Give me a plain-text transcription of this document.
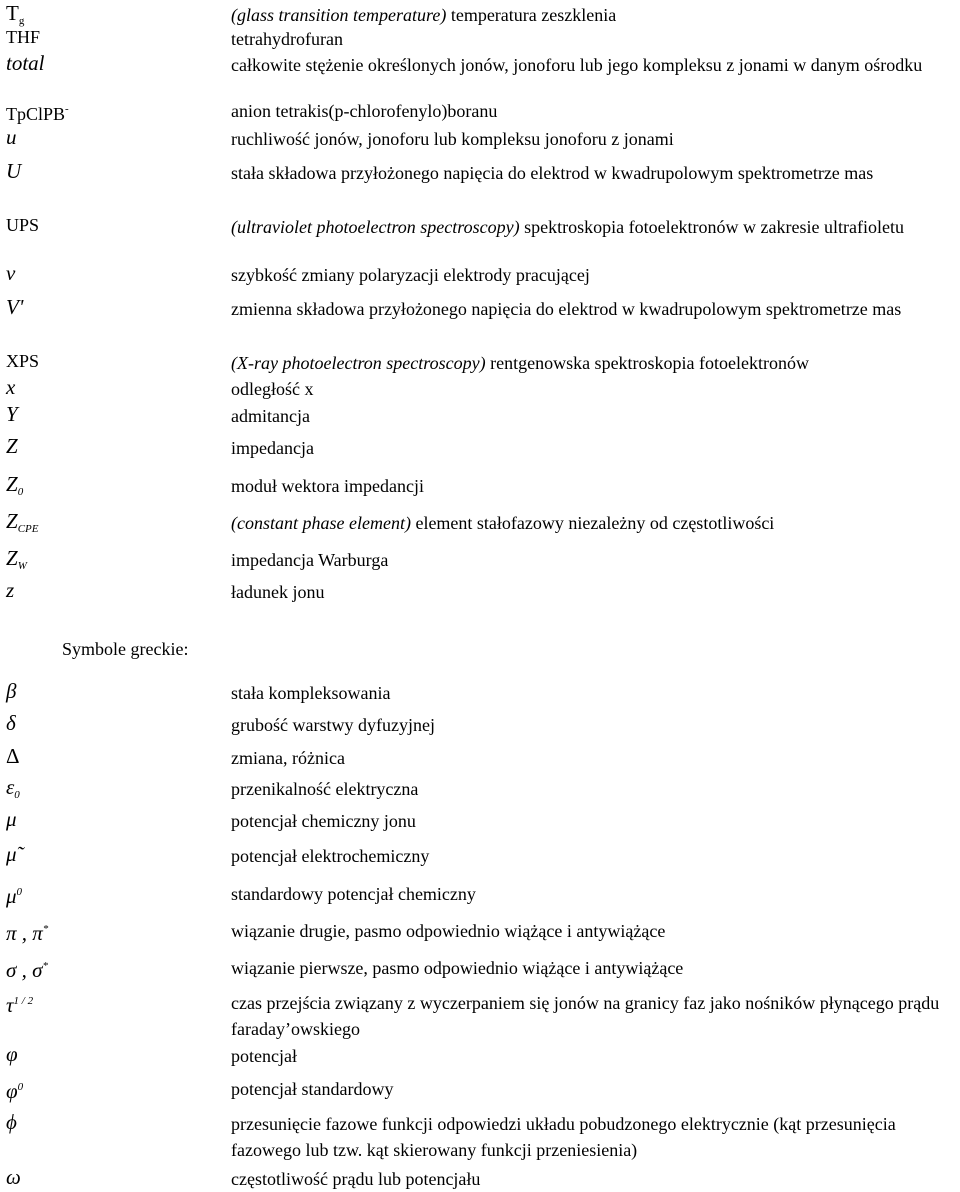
$T_g$	(glass transition temperature) temperatura zeszklenia
THF	tetrahydrofuran
total	całkowite stężenie określonych jonów, jonoforu lub jego kompleksu z jonami w danym ośrodku
TpClPB-	anion tetrakis(p-chlorofenylo)boranu
u	ruchliwość jonów, jonoforu lub kompleksu jonoforu z jonami
U	stała składowa przyłożonego napięcia do elektrod w kwadrupolowym spektrometrze mas
UPS	(ultraviolet photoelectron spectroscopy) spektroskopia fotoelektronów w zakresie ultrafioletu
v	szybkość zmiany polaryzacji elektrody pracującej
V'	zmienna składowa przyłożonego napięcia do elektrod w kwadrupolowym spektrometrze mas
XPS	(X-ray photoelectron spectroscopy) rentgenowska spektroskopia fotoelektronów
x	odległość x
Y	admitancja
Z	impedancja
$Z_0$	moduł wektora impedancji
$Z_{CPE}$	(constant phase element) element stałofazowy niezależny od częstotliwości
$Z_W$	impedancja Warburga
z	ładunek jonu
Symbole greckie:
β	stała kompleksowania
δ	grubość warstwy dyfuzyjnej
Δ	zmiana, różnica
$\varepsilon_0$	przenikalność elektryczna
μ	potencjał chemiczny jonu
μ̃	potencjał elektrochemiczny
$\mu^0$	standardowy potencjał chemiczny
π , π*	wiązanie drugie, pasmo odpowiednio wiążące i antywiążące
σ , σ*	wiązanie pierwsze, pasmo odpowiednio wiążące i antywiążące
$\tau^{1 / 2}$	czas przejścia związany z wyczerpaniem się jonów na granicy faz jako nośników płynącego prądu faraday’owskiego
φ	potencjał
$\varphi^0$	potencjał standardowy
ϕ	przesunięcie fazowe funkcji odpowiedzi układu pobudzonego elektrycznie (kąt przesunięcia fazowego lub tzw. kąt skierowany funkcji przeniesienia)
ω	częstotliwość prądu lub potencjału
